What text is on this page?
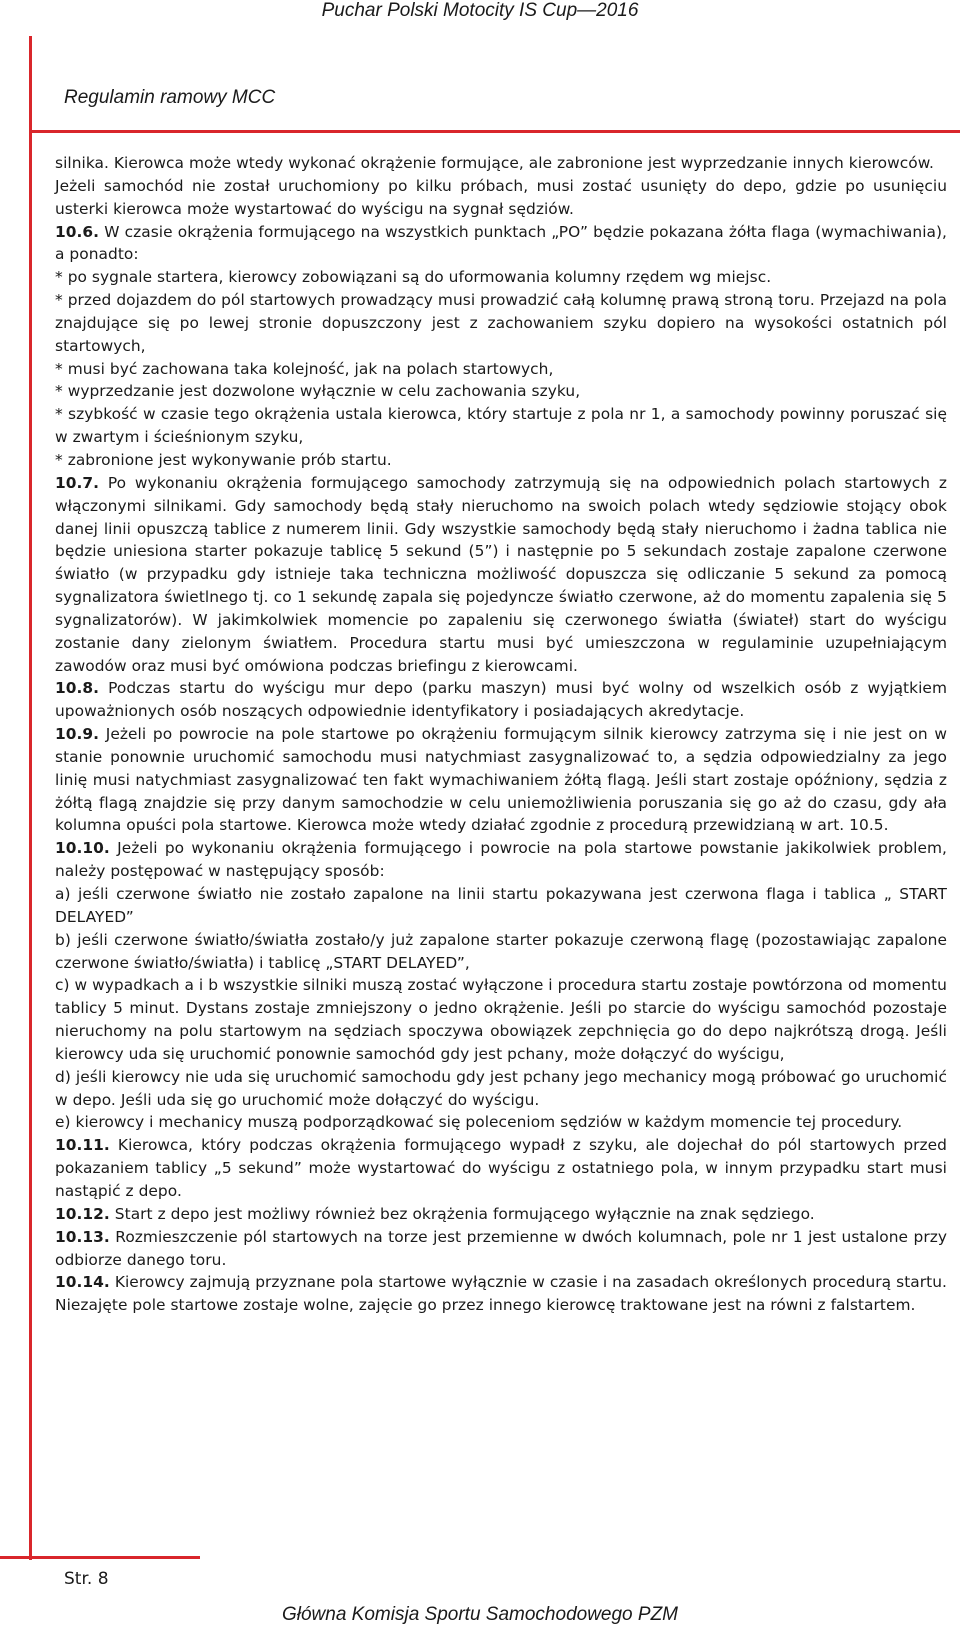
Puchar Polski Motocity IS Cup—2016
Regulamin ramowy MCC

silnika. Kierowca może wtedy wykonać okrążenie formujące, ale zabronione jest wyprzedzanie innych kierowców.

Jeżeli samochód nie został uruchomiony po kilku próbach, musi zostać usunięty do depo, gdzie po usunięciu usterki kierowca może wystartować do wyścigu na sygnał sędziów.

10.6. W czasie okrążenia formującego na wszystkich punktach „PO” będzie pokazana żółta flaga (wymachiwania), a ponadto:

* po sygnale startera, kierowcy zobowiązani są do uformowania kolumny rzędem wg miejsc.

* przed dojazdem do pól startowych prowadzący musi prowadzić całą kolumnę prawą stroną toru. Przejazd na pola znajdujące się po lewej stronie dopuszczony jest z zachowaniem szyku dopiero na wysokości ostatnich pól startowych,

* musi być zachowana taka kolejność, jak na polach startowych,

* wyprzedzanie jest dozwolone wyłącznie w celu zachowania szyku,

* szybkość w czasie tego okrążenia ustala kierowca, który startuje z pola nr 1, a samochody powinny poruszać się w zwartym i ścieśnionym szyku,

* zabronione jest wykonywanie prób startu.

10.7. Po wykonaniu okrążenia formującego samochody zatrzymują się na odpowiednich polach startowych z włączonymi silnikami. Gdy samochody będą stały nieruchomo na swoich polach wtedy sędziowie stojący obok danej linii opuszczą tablice z numerem linii. Gdy wszystkie samochody będą stały nieruchomo i żadna tablica nie będzie uniesiona starter pokazuje tablicę 5 sekund (5”) i następnie po 5 sekundach zostaje zapalone czerwone światło (w przypadku gdy istnieje taka techniczna możliwość dopuszcza się odliczanie 5 sekund za pomocą sygnalizatora świetlnego tj. co 1 sekundę zapala się pojedyncze światło czerwone, aż do momentu zapalenia się 5 sygnalizatorów). W jakimkolwiek momencie po zapaleniu się czerwonego światła (świateł) start do wyścigu zostanie dany zielonym światłem. Procedura startu musi być umieszczona w regulaminie uzupełniającym zawodów oraz musi być omówiona podczas briefingu z kierowcami.

10.8. Podczas startu do wyścigu mur depo (parku maszyn) musi być wolny od wszelkich osób z wyjątkiem upoważnionych osób noszących odpowiednie identyfikatory i posiadających akredytacje.

10.9. Jeżeli po powrocie na pole startowe po okrążeniu formującym silnik kierowcy zatrzyma się i nie jest on w stanie ponownie uruchomić samochodu musi natychmiast zasygnalizować to, a sędzia odpowiedzialny za jego linię musi natychmiast zasygnalizować ten fakt wymachiwaniem żółtą flagą. Jeśli start zostaje opóźniony, sędzia z żółtą flagą znajdzie się przy danym samochodzie w celu uniemożliwienia poruszania się go aż do czasu, gdy ała kolumna opuści pola startowe. Kierowca może wtedy działać zgodnie z procedurą przewidzianą w art. 10.5.

10.10. Jeżeli po wykonaniu okrążenia formującego i powrocie na pola startowe powstanie jakikolwiek problem, należy postępować w następujący sposób:

a) jeśli czerwone światło nie zostało zapalone na linii startu pokazywana jest czerwona flaga i tablica „ START DELAYED”

b) jeśli czerwone światło/światła zostało/y już zapalone starter pokazuje czerwoną flagę (pozostawiając zapalone czerwone światło/światła) i tablicę „START DELAYED”,

c) w wypadkach a i b wszystkie silniki muszą zostać wyłączone i procedura startu zostaje powtórzona od momentu tablicy 5 minut. Dystans zostaje zmniejszony o jedno okrążenie. Jeśli po starcie do wyścigu samochód pozostaje nieruchomy na polu startowym na sędziach spoczywa obowiązek zepchnięcia go do depo najkrótszą drogą. Jeśli kierowcy uda się uruchomić ponownie samochód gdy jest pchany, może dołączyć do wyścigu,

d) jeśli kierowcy nie uda się uruchomić samochodu gdy jest pchany jego mechanicy mogą próbować go uruchomić w depo. Jeśli uda się go uruchomić może dołączyć do wyścigu.

e) kierowcy i mechanicy muszą podporządkować się poleceniom sędziów w każdym momencie tej procedury.

10.11. Kierowca, który podczas okrążenia formującego wypadł z szyku, ale dojechał do pól startowych przed pokazaniem tablicy „5 sekund” może wystartować do wyścigu z ostatniego pola, w innym przypadku start musi nastąpić z depo.

10.12. Start z depo jest możliwy również bez okrążenia formującego wyłącznie na znak sędziego.

10.13. Rozmieszczenie pól startowych na torze jest przemienne w dwóch kolumnach, pole nr 1 jest ustalone przy odbiorze danego toru.

10.14. Kierowcy zajmują przyznane pola startowe wyłącznie w czasie i na zasadach określonych procedurą startu. Niezajęte pole startowe zostaje wolne, zajęcie go przez innego kierowcę traktowane jest na równi z falstartem.

Str. 8
Główna Komisja Sportu Samochodowego PZM
